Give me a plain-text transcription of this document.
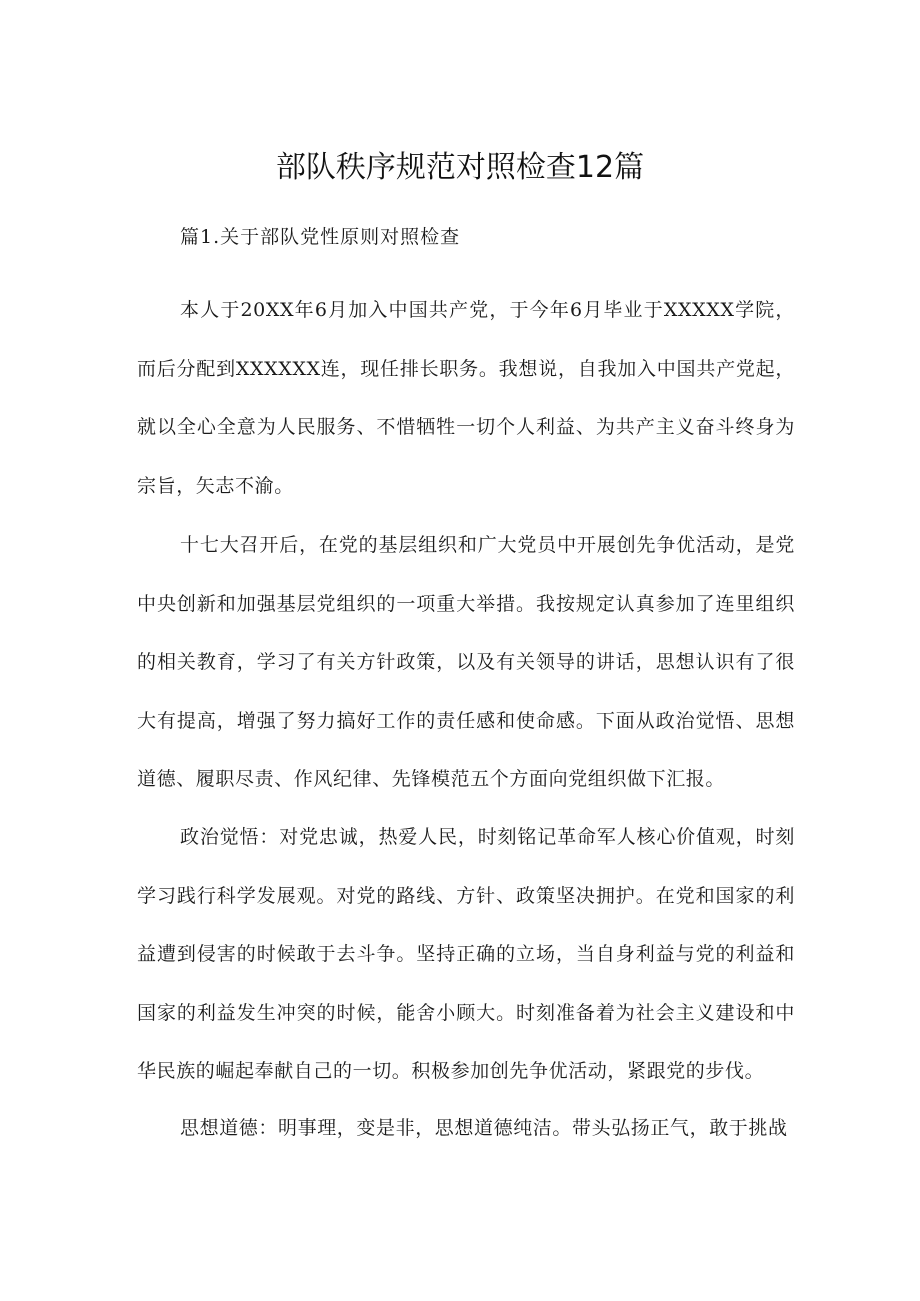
部队秩序规范对照检查12篇
篇1.关于部队党性原则对照检查

本人于20XX年6月加入中国共产党，于今年6月毕业于XXXXX学院，而后分配到XXXXXX连，现任排长职务。我想说，自我加入中国共产党起，就以全心全意为人民服务、不惜牺牲一切个人利益、为共产主义奋斗终身为宗旨，矢志不渝。

十七大召开后，在党的基层组织和广大党员中开展创先争优活动，是党中央创新和加强基层党组织的一项重大举措。我按规定认真参加了连里组织的相关教育，学习了有关方针政策，以及有关领导的讲话，思想认识有了很大有提高，增强了努力搞好工作的责任感和使命感。下面从政治觉悟、思想道德、履职尽责、作风纪律、先锋模范五个方面向党组织做下汇报。

政治觉悟：对党忠诚，热爱人民，时刻铭记革命军人核心价值观，时刻学习践行科学发展观。对党的路线、方针、政策坚决拥护。在党和国家的利益遭到侵害的时候敢于去斗争。坚持正确的立场，当自身利益与党的利益和国家的利益发生冲突的时候，能舍小顾大。时刻准备着为社会主义建设和中华民族的崛起奉献自己的一切。积极参加创先争优活动，紧跟党的步伐。

思想道德：明事理，变是非，思想道德纯洁。带头弘扬正气，敢于挑战
